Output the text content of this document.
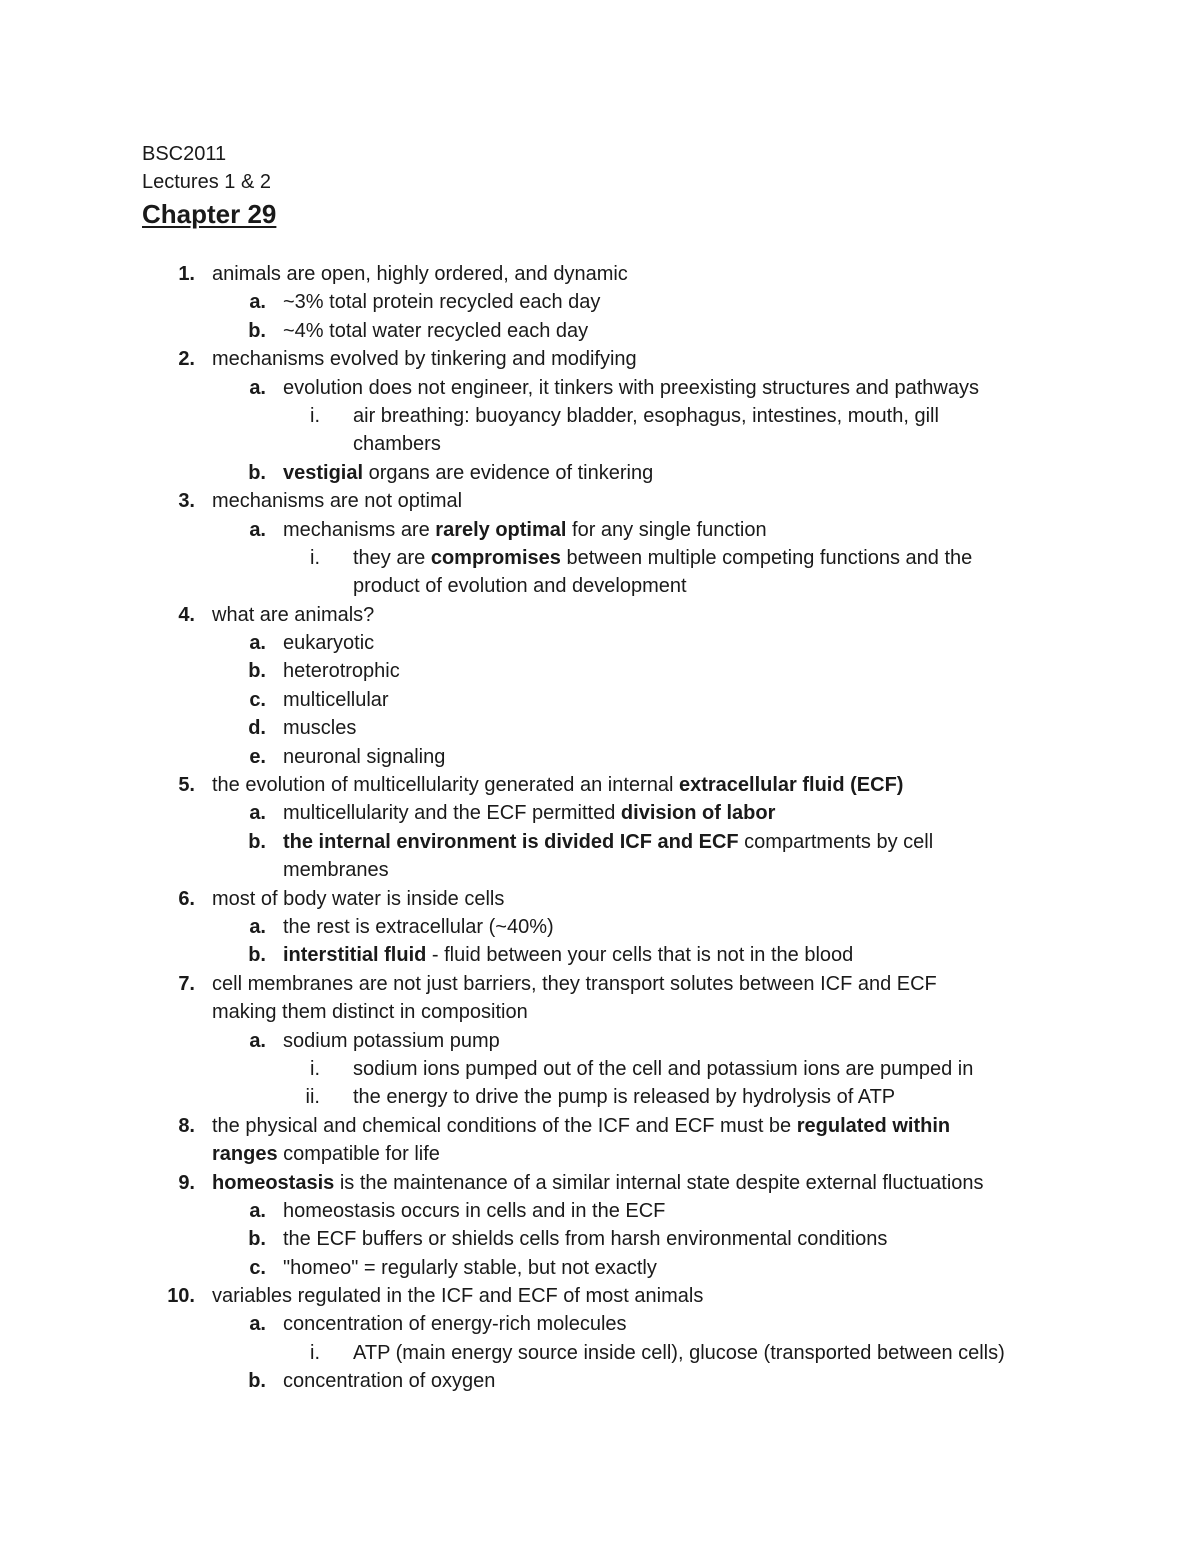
BSC2011
Lectures 1 & 2
Chapter 29
1. animals are open, highly ordered, and dynamic
a. ~3% total protein recycled each day
b. ~4% total water recycled each day
2. mechanisms evolved by tinkering and modifying
a. evolution does not engineer, it tinkers with preexisting structures and pathways
i. air breathing: buoyancy bladder, esophagus, intestines, mouth, gill
chambers
b. vestigial organs are evidence of tinkering
3. mechanisms are not optimal
a. mechanisms are rarely optimal for any single function
i. they are compromises between multiple competing functions and the
product of evolution and development
4. what are animals?
a. eukaryotic
b. heterotrophic
c. multicellular
d. muscles
e. neuronal signaling
5. the evolution of multicellularity generated an internal extracellular fluid (ECF)
a. multicellularity and the ECF permitted division of labor
b. the internal environment is divided ICF and ECF compartments by cell
membranes
6. most of body water is inside cells
a. the rest is extracellular (~40%)
b. interstitial fluid - fluid between your cells that is not in the blood
7. cell membranes are not just barriers, they transport solutes between ICF and ECF
making them distinct in composition
a. sodium potassium pump
i. sodium ions pumped out of the cell and potassium ions are pumped in
ii. the energy to drive the pump is released by hydrolysis of ATP
8. the physical and chemical conditions of the ICF and ECF must be regulated within
ranges compatible for life
9. homeostasis is the maintenance of a similar internal state despite external fluctuations
a. homeostasis occurs in cells and in the ECF
b. the ECF buffers or shields cells from harsh environmental conditions
c. "homeo" = regularly stable, but not exactly
10. variables regulated in the ICF and ECF of most animals
a. concentration of energy-rich molecules
i. ATP (main energy source inside cell), glucose (transported between cells)
b. concentration of oxygen
